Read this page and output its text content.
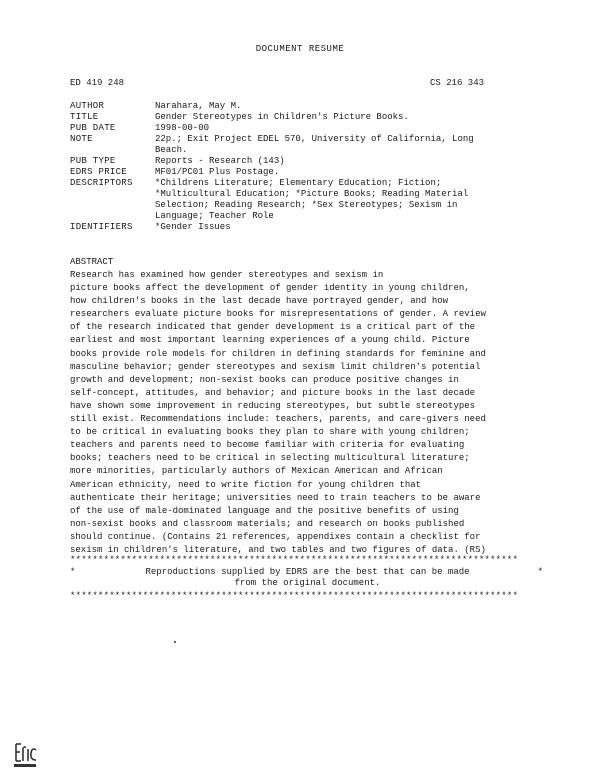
DOCUMENT RESUME
ED 419 248	CS 216 343
AUTHOR	Narahara, May M.
TITLE	Gender Stereotypes in Children's Picture Books.
PUB DATE	1998-00-00
NOTE	22p.; Exit Project EDEL 570, University of California, Long
Beach.
PUB TYPE	Reports - Research (143)
EDRS PRICE	MF01/PC01 Plus Postage.
DESCRIPTORS	*Childrens Literature; Elementary Education; Fiction;
*Multicultural Education; *Picture Books; Reading Material
Selection; Reading Research; *Sex Stereotypes; Sexism in
Language; Teacher Role
IDENTIFIERS	*Gender Issues
ABSTRACT
Research has examined how gender stereotypes and sexism in
picture books affect the development of gender identity in young children,
how children's books in the last decade have portrayed gender, and how
researchers evaluate picture books for misrepresentations of gender. A review
of the research indicated that gender development is a critical part of the
earliest and most important learning experiences of a young child. Picture
books provide role models for children in defining standards for feminine and
masculine behavior; gender stereotypes and sexism limit children's potential
growth and development; non-sexist books can produce positive changes in
self-concept, attitudes, and behavior; and picture books in the last decade
have shown some improvement in reducing stereotypes, but subtle stereotypes
still exist. Recommendations include: teachers, parents, and care-givers need
to be critical in evaluating books they plan to share with young children;
teachers and parents need to become familiar with criteria for evaluating
books; teachers need to be critical in selecting multicultural literature;
more minorities, particularly authors of Mexican American and African
American ethnicity, need to write fiction for young children that
authenticate their heritage; universities need to train teachers to be aware
of the use of male-dominated language and the positive benefits of using
non-sexist books and classroom materials; and research on books published
should continue. (Contains 21 references, appendixes contain a checklist for
sexism in children's literature, and two tables and two figures of data. (RS)
********************************************************************************
*	*
Reproductions supplied by EDRS are the best that can be made
from the original document.
********************************************************************************
